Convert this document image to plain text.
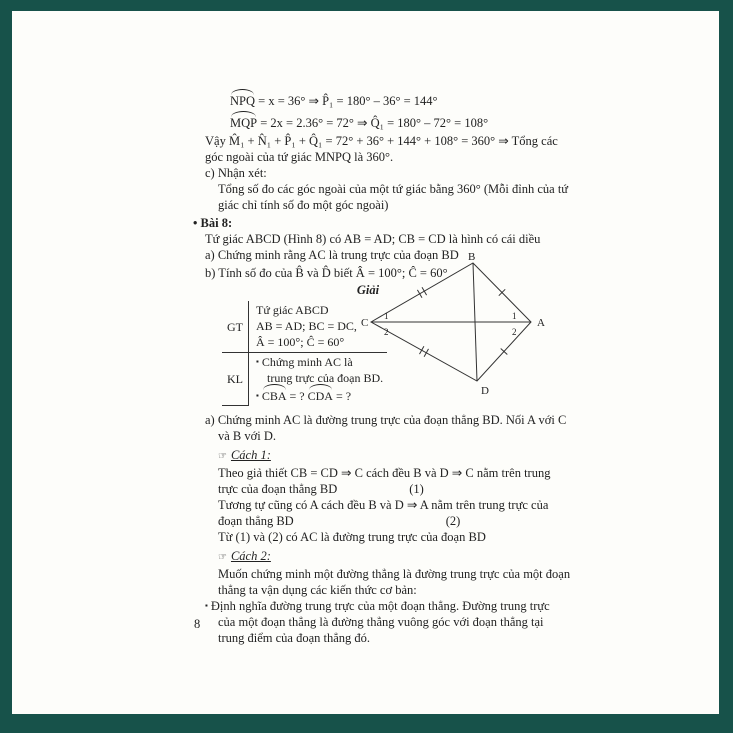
NPQ = x = 36° ⇒ P̂₁ = 180° – 36° = 144°
MQP = 2x = 2.36° = 72° ⇒ Q̂₁ = 180° – 72° = 108°
Vậy M̂₁ + N̂₁ + P̂₁ + Q̂₁ = 72° + 36° + 144° + 108° = 360° ⇒ Tổng các
góc ngoài của tứ giác MNPQ là 360°.
c) Nhận xét:
Tổng số đo các góc ngoài của một tứ giác bằng 360° (Mỗi đỉnh của tứ
giác chỉ tính số đo một góc ngoài)
• Bài 8:
Tứ giác ABCD (Hình 8) có AB = AD; CB = CD là hình có cái diều
a) Chứng minh rằng AC là trung trực của đoạn BD
b) Tính số đo của B̂ và D̂ biết Â = 100°; Ĉ = 60°
Giải
GT
Tứ giác ABCD
AB = AD; BC = DC,
Â = 100°; Ĉ = 60°
KL
▪ Chứng minh AC là
trung trực của đoạn BD.
▪ CBA = ? CDA = ?
B
C	A
D
1
2
1
2
a) Chứng minh AC là đường trung trực của đoạn thẳng BD. Nối A với C
và B với D.
☞ Cách 1:
Theo giả thiết CB = CD ⇒ C cách đều B và D ⇒ C nằm trên trung
trực của đoạn thẳng BD	(1)
Tương tự cũng có A cách đều B và D ⇒ A nằm trên trung trực của
đoạn thẳng BD	(2)
Từ (1) và (2) có AC là đường trung trực của đoạn BD
☞ Cách 2:
Muốn chứng minh một đường thẳng là đường trung trực của một đoạn
thẳng ta vận dụng các kiến thức cơ bản:
▪ Định nghĩa đường trung trực của một đoạn thẳng. Đường trung trực
của một đoạn thẳng là đường thẳng vuông góc với đoạn thẳng tại
trung điểm của đoạn thẳng đó.
8
